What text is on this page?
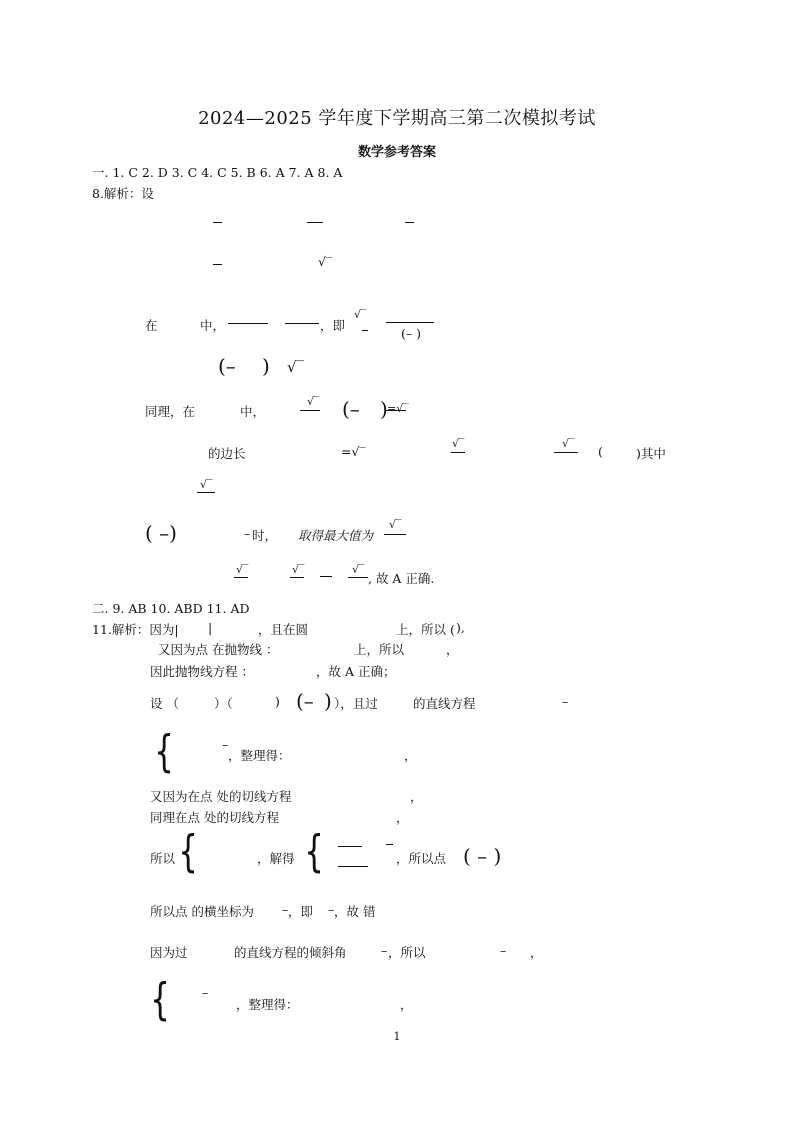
2024—2025 学年度下学期高三第二次模拟考试
数学参考答案
一. 1. C 2. D 3. C 4. C 5. B 6. A 7. A 8. A
8.解析：设
√‾
在	中，	，即
√‾
(– )
(– ) √‾
同理，在	中，
√‾ (– ) =√‾
的边长	=√‾
√‾	√‾
(	)其中
√‾
( –)	– 时， 取得最大值为
√‾
√‾	√‾	√‾
, 故 A 正确.
二. 9. AB 10. ABD 11. AD
11.解析：因为| |	，且在圆	上，所以 ( ),
又因为点 在抛物线 ：	上，所以	，
因此抛物线方程 ：	，故 A 正确；
设 （	）（	) (– ) ），且过	的直线方程	–
{	–
，整理得：	，
又因为在点 处的切线方程	，
同理在点 处的切线方程	，
所以 {	，解得 {	，所以点 ( – )
所以点 的横坐标为 – ，即 – ，故 错
因为过	的直线方程的倾斜角	– ，所以	– ，
{	–
，整理得：	，
1
